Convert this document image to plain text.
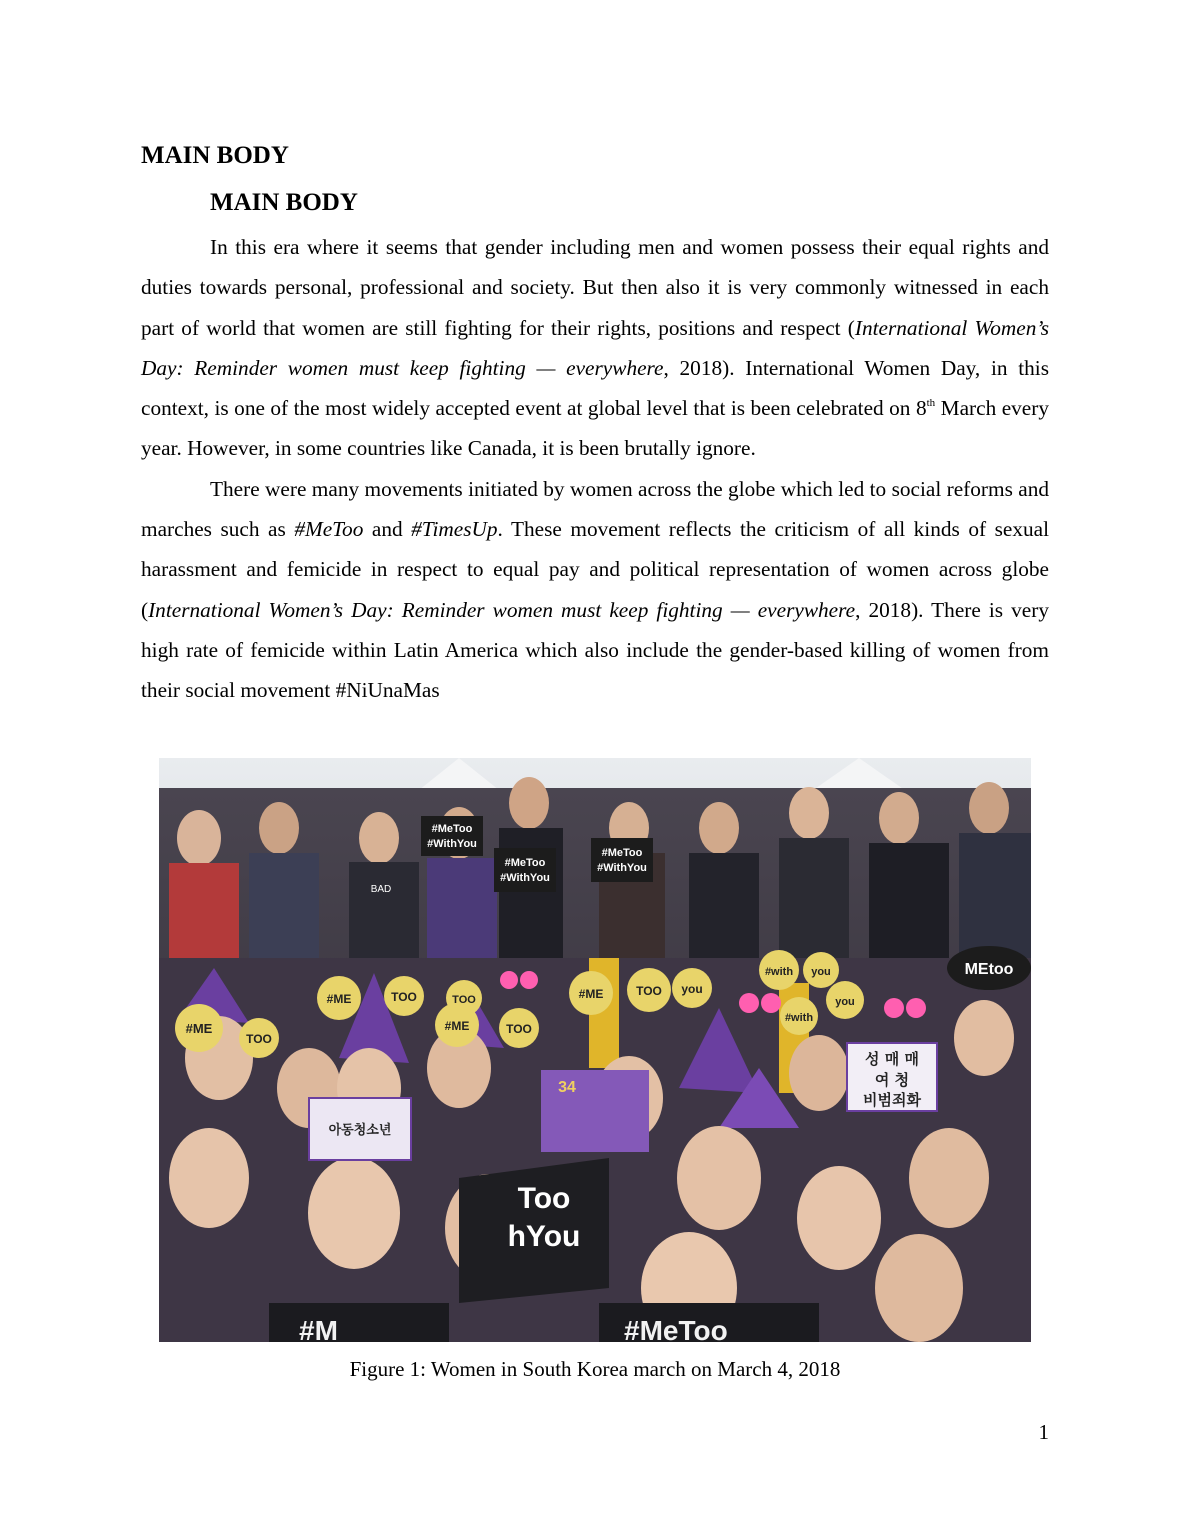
MAIN BODY
MAIN BODY

In this era where it seems that gender including men and women possess their equal rights and duties towards personal, professional and society. But then also it is very commonly witnessed in each part of world that women are still fighting for their rights, positions and respect (International Women’s Day: Reminder women must keep fighting — everywhere, 2018). International Women Day, in this context, is one of the most widely accepted event at global level that is been celebrated on 8th March every year. However, in some countries like Canada, it is been brutally ignore.

There were many movements initiated by women across the globe which led to social reforms and marches such as #MeToo and #TimesUp. These movement reflects the criticism of all kinds of sexual harassment and femicide in respect to equal pay and political representation of women across globe (International Women’s Day: Reminder women must keep fighting — everywhere, 2018). There is very high rate of femicide within Latin America which also include the gender-based killing of women from their social movement #NiUnaMas

#MeToo
#WithYou
#MeToo
#WithYou
#MeToo
#WithYou
BAD
#ME
TOO
#ME	TOO
#ME
TOO
TOO
#ME	TOO you
#with you
#with
you
MEtoo
성 매 매
여 청
비범죄화
아동청소년
34
Too
hYou
#M	#MeToo
Figure 1: Women in South Korea march on March 4, 2018
1
